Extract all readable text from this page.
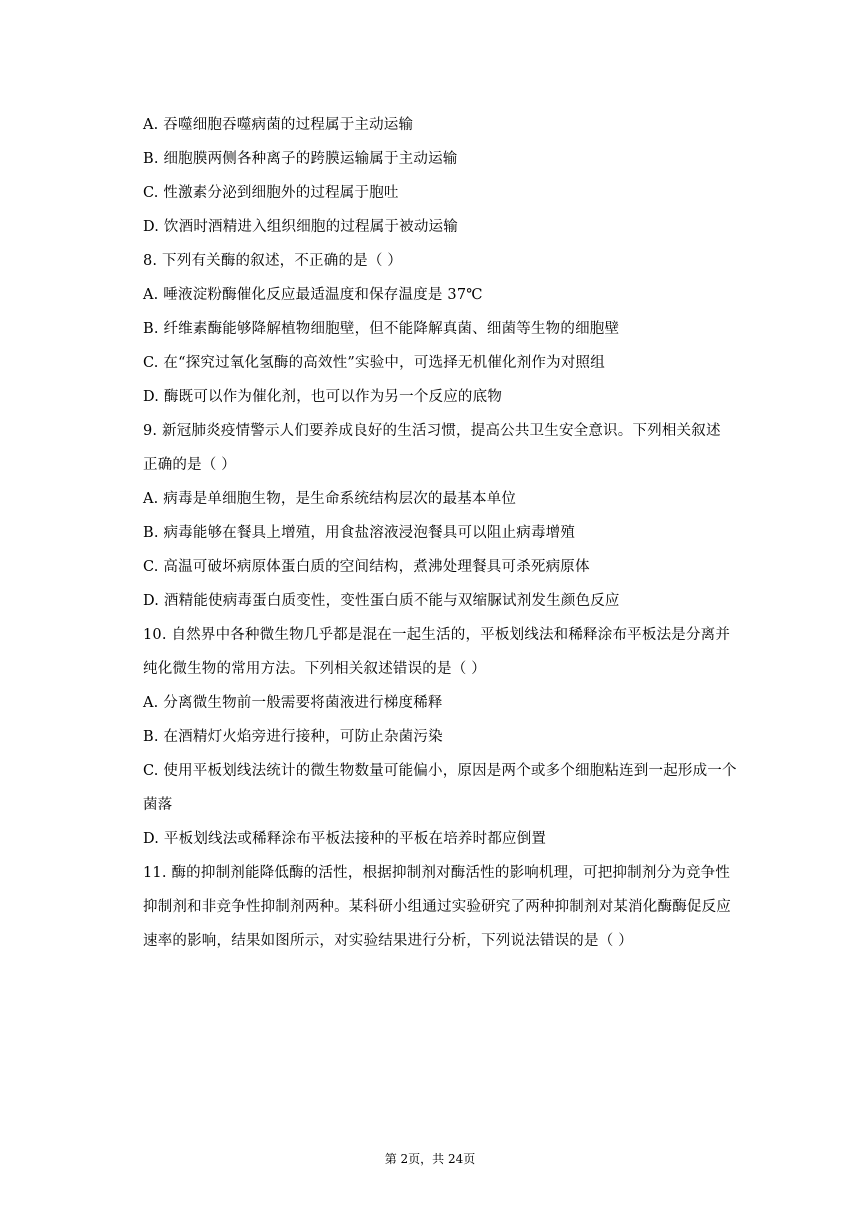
A. 吞噬细胞吞噬病菌的过程属于主动运输
B. 细胞膜两侧各种离子的跨膜运输属于主动运输
C. 性激素分泌到细胞外的过程属于胞吐
D. 饮酒时酒精进入组织细胞的过程属于被动运输
8. 下列有关酶的叙述，不正确的是（ ）
A. 唾液淀粉酶催化反应最适温度和保存温度是 37℃
B. 纤维素酶能够降解植物细胞壁，但不能降解真菌、细菌等生物的细胞壁
C. 在“探究过氧化氢酶的高效性”实验中，可选择无机催化剂作为对照组
D. 酶既可以作为催化剂，也可以作为另一个反应的底物
9. 新冠肺炎疫情警示人们要养成良好的生活习惯，提高公共卫生安全意识。下列相关叙述
正确的是（ ）
A. 病毒是单细胞生物，是生命系统结构层次的最基本单位
B. 病毒能够在餐具上增殖，用食盐溶液浸泡餐具可以阻止病毒增殖
C. 高温可破坏病原体蛋白质的空间结构，煮沸处理餐具可杀死病原体
D. 酒精能使病毒蛋白质变性，变性蛋白质不能与双缩脲试剂发生颜色反应
10. 自然界中各种微生物几乎都是混在一起生活的，平板划线法和稀释涂布平板法是分离并
纯化微生物的常用方法。下列相关叙述错误的是（ ）
A. 分离微生物前一般需要将菌液进行梯度稀释
B. 在酒精灯火焰旁进行接种，可防止杂菌污染
C. 使用平板划线法统计的微生物数量可能偏小，原因是两个或多个细胞粘连到一起形成一个
菌落
D. 平板划线法或稀释涂布平板法接种的平板在培养时都应倒置
11. 酶的抑制剂能降低酶的活性，根据抑制剂对酶活性的影响机理，可把抑制剂分为竞争性
抑制剂和非竞争性抑制剂两种。某科研小组通过实验研究了两种抑制剂对某消化酶酶促反应
速率的影响，结果如图所示，对实验结果进行分析，下列说法错误的是（ ）
第 2页，共 24页
